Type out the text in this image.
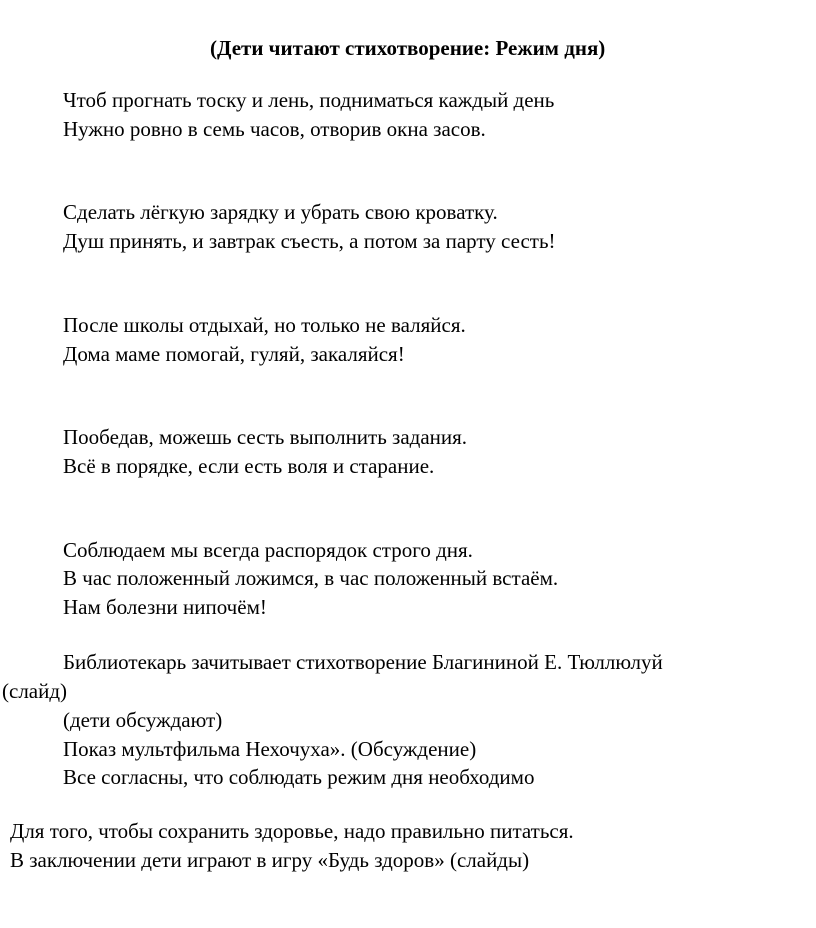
(Дети читают стихотворение: Режим дня)
Чтоб прогнать тоску и лень, подниматься каждый день
Нужно ровно в семь часов, отворив окна засов.
Сделать лёгкую зарядку и убрать свою кроватку.
Душ принять, и завтрак съесть, а потом за парту сесть!
После школы отдыхай, но только не валяйся.
Дома маме помогай, гуляй, закаляйся!
Пообедав, можешь сесть выполнить задания.
Всё в порядке, если есть воля и старание.
Соблюдаем мы всегда распорядок строго дня.
В час положенный ложимся, в час положенный встаём.
Нам болезни нипочём!
Библиотекарь зачитывает стихотворение Благининой Е. Тюллюлуй
(слайд)
(дети обсуждают)
Показ мультфильма Нехочуха». (Обсуждение)
Все согласны, что соблюдать режим дня необходимо
Для того, чтобы сохранить здоровье, надо правильно питаться.
В заключении дети играют в игру «Будь здоров» (слайды)
